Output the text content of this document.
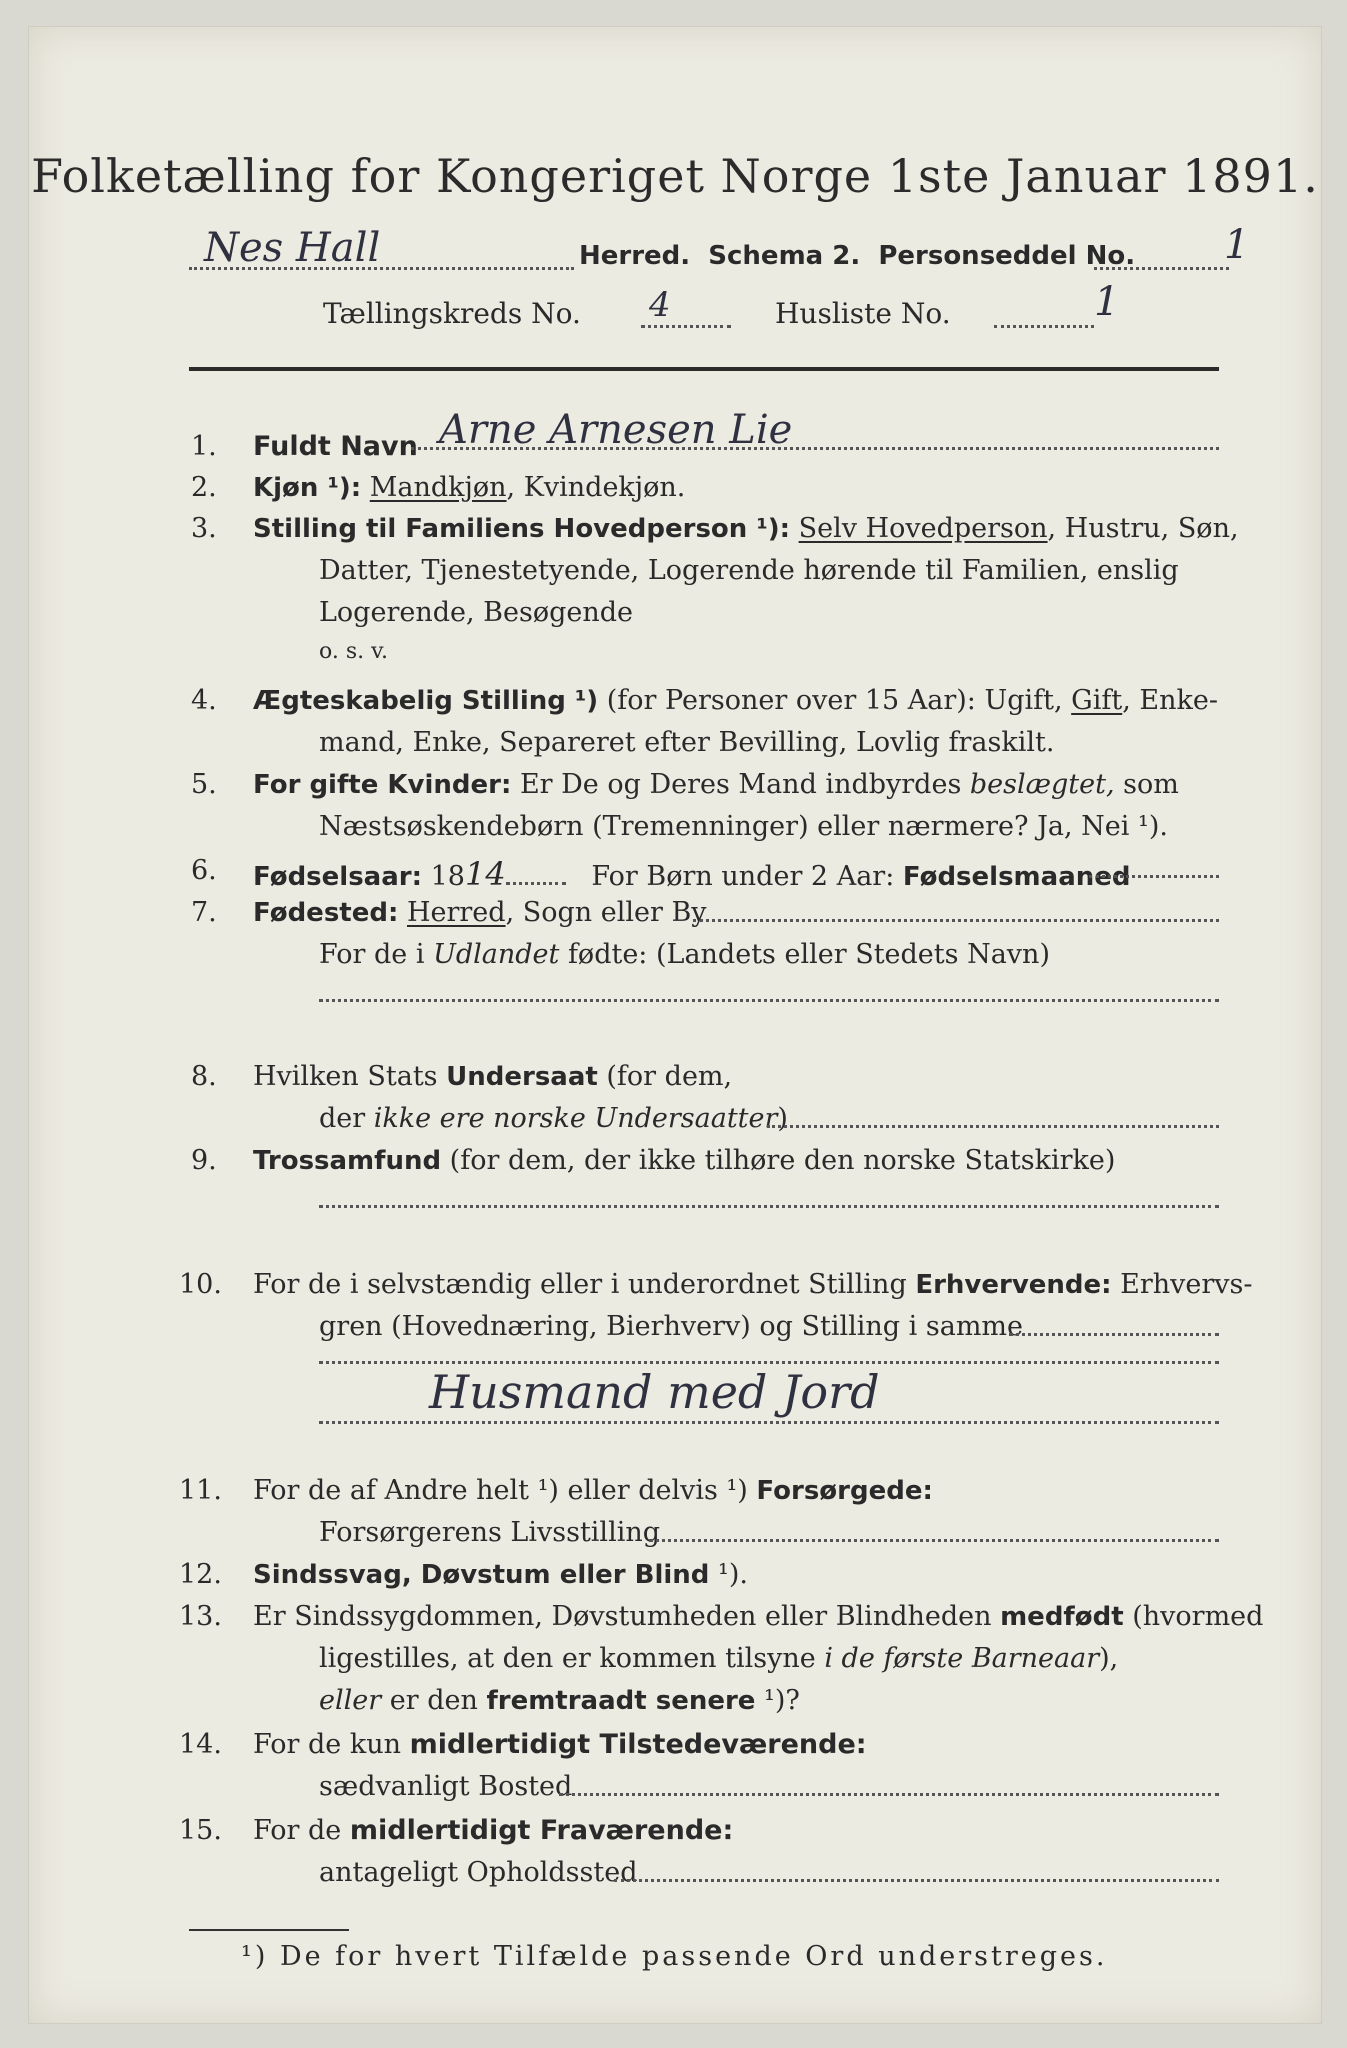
Folketælling for Kongeriget Norge 1ste Januar 1891.
Nes Hall	Herred. Schema 2. Personseddel No. 1
Tællingskreds No. 4	Husliste No.	1
1.	Fuldt Navn Arne Arnesen Lie
2.	Kjøn ¹): Mandkjøn, Kvindekjøn.
3.	Stilling til Familiens Hovedperson ¹): Selv Hovedperson, Hustru, Søn,
Datter, Tjenestetyende, Logerende hørende til Familien, enslig
Logerende, Besøgende
o. s. v.
4.	Ægteskabelig Stilling ¹) (for Personer over 15 Aar): Ugift, Gift, Enke-
mand, Enke, Separeret efter Bevilling, Lovlig fraskilt.
5.	For gifte Kvinder: Er De og Deres Mand indbyrdes beslægtet, som
Næstsøskendebørn (Tremenninger) eller nærmere? Ja, Nei ¹).
6.	Fødselsaar: 1814	For Børn under 2 Aar: Fødselsmaaned
7.	Fødested: Herred, Sogn eller By
For de i Udlandet fødte: (Landets eller Stedets Navn)
8.	Hvilken Stats Undersaat (for dem,
der ikke ere norske Undersaatter)
9.	Trossamfund (for dem, der ikke tilhøre den norske Statskirke)
10. For de i selvstændig eller i underordnet Stilling Erhvervende: Erhvervs-
gren (Hovednæring, Bierhverv) og Stilling i samme
Husmand med Jord
11. For de af Andre helt ¹) eller delvis ¹) Forsørgede:
Forsørgerens Livsstilling
12. Sindssvag, Døvstum eller Blind ¹).
13. Er Sindssygdommen, Døvstumheden eller Blindheden medfødt (hvormed
ligestilles, at den er kommen tilsyne i de første Barneaar),
eller er den fremtraadt senere ¹)?
14. For de kun midlertidigt Tilstedeværende:
sædvanligt Bosted
15. For de midlertidigt Fraværende:
antageligt Opholdssted
¹) De for hvert Tilfælde passende Ord understreges.
